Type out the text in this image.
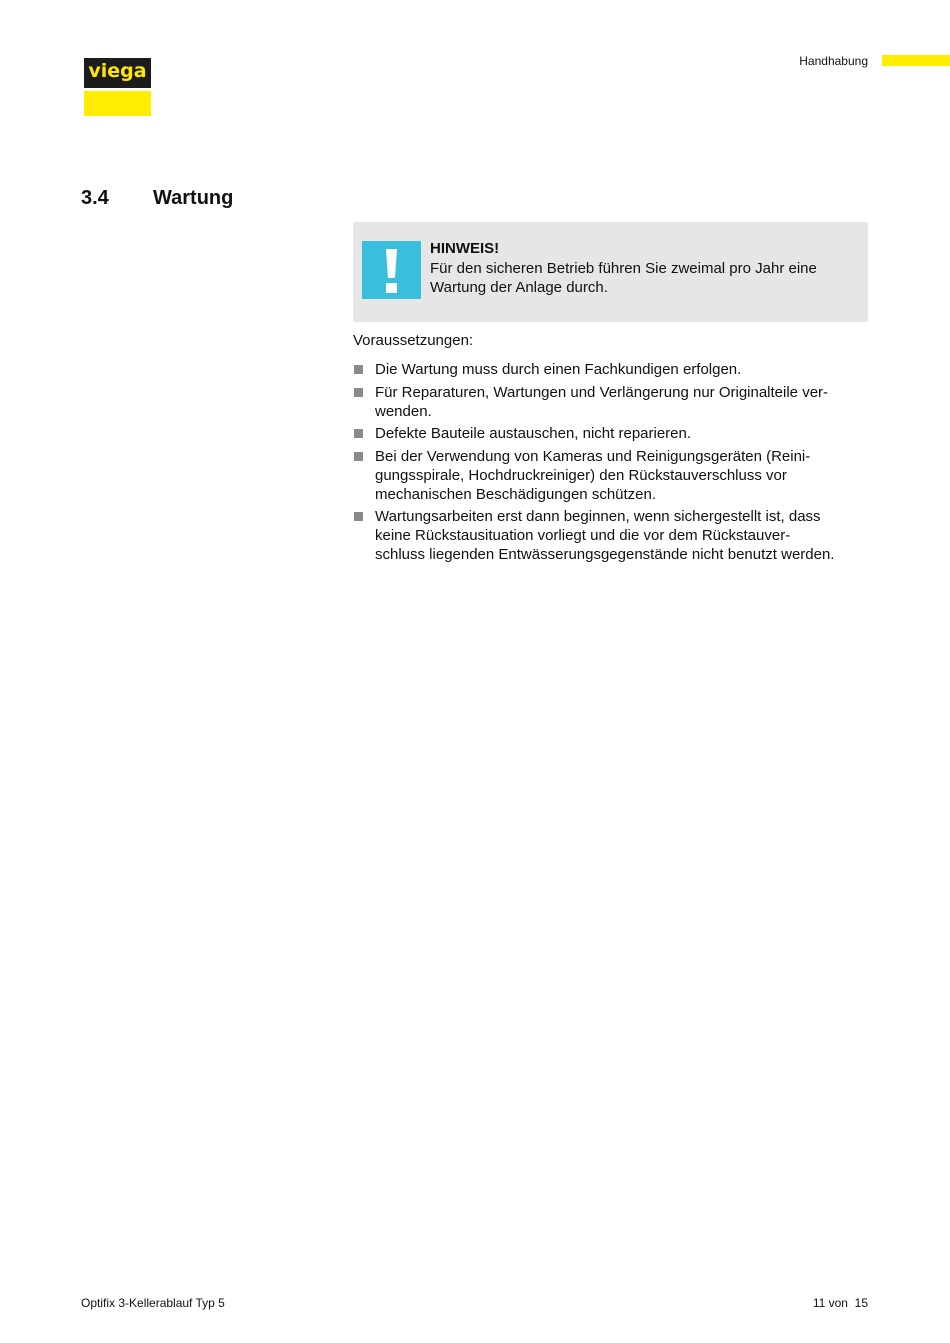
viega	Handhabung
3.4 Wartung
HINWEIS!
Für den sicheren Betrieb führen Sie zweimal pro Jahr eine Wartung der Anlage durch.
Voraussetzungen:
Die Wartung muss durch einen Fachkundigen erfolgen.
Für Reparaturen, Wartungen und Verlängerung nur Originalteile ver-
wenden.
Defekte Bauteile austauschen, nicht reparieren.
Bei der Verwendung von Kameras und Reinigungsgeräten (Reini-
gungsspirale, Hochdruckreiniger) den Rückstauverschluss vor
mechanischen Beschädigungen schützen.
Wartungsarbeiten erst dann beginnen, wenn sichergestellt ist, dass
keine Rückstausituation vorliegt und die vor dem Rückstauver-
schluss liegenden Entwässerungsgegenstände nicht benutzt werden.
Optifix 3-Kellerablauf Typ 5	11 von  15
